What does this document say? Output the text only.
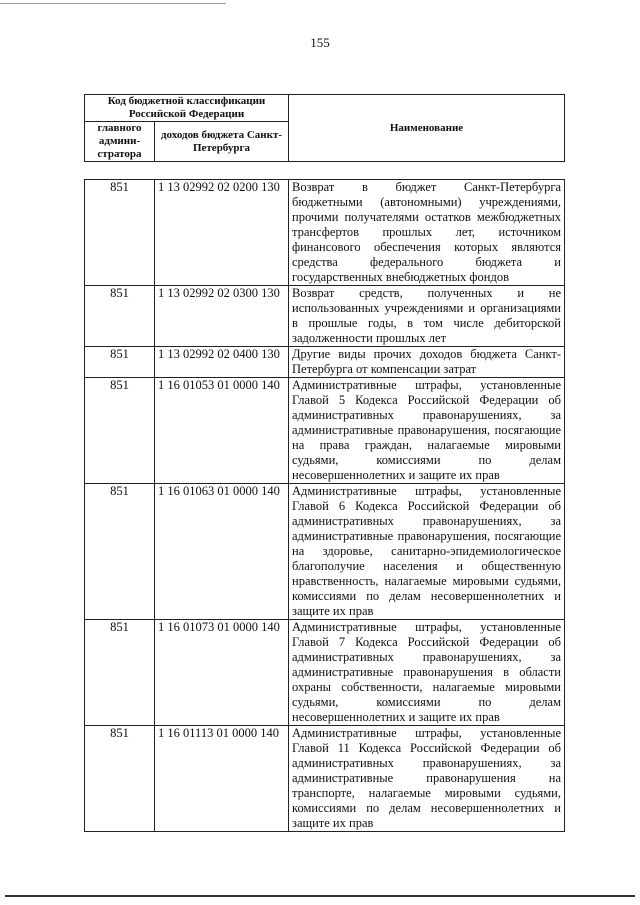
155
Код бюджетной классификации Российской Федерации		Наименование
главного админи-стратора	доходов бюджета Санкт-Петербурга	
851	1 13 02992 02 0200 130	Возврат в бюджет Санкт-Петербурга бюджетными (автономными) учреждениями, прочими получателями остатков межбюджетных трансфертов прошлых лет, источником финансового обеспечения которых являются средства федерального бюджета и государственных внебюджетных фондов
851	1 13 02992 02 0300 130	Возврат средств, полученных и не использованных учреждениями и организациями в прошлые годы, в том числе дебиторской задолженности прошлых лет
851	1 13 02992 02 0400 130	Другие виды прочих доходов бюджета Санкт-Петербурга от компенсации затрат
851	1 16 01053 01 0000 140	Административные штрафы, установленные Главой 5 Кодекса Российской Федерации об административных правонарушениях, за административные правонарушения, посягающие на права граждан, налагаемые мировыми судьями, комиссиями по делам несовершеннолетних и защите их прав
851	1 16 01063 01 0000 140	Административные штрафы, установленные Главой 6 Кодекса Российской Федерации об административных правонарушениях, за административные правонарушения, посягающие на здоровье, санитарно-эпидемиологическое благополучие населения и общественную нравственность, налагаемые мировыми судьями, комиссиями по делам несовершеннолетних и защите их прав
851	1 16 01073 01 0000 140	Административные штрафы, установленные Главой 7 Кодекса Российской Федерации об административных правонарушениях, за административные правонарушения в области охраны собственности, налагаемые мировыми судьями, комиссиями по делам несовершеннолетних и защите их прав
851	1 16 01113 01 0000 140	Административные штрафы, установленные Главой 11 Кодекса Российской Федерации об административных правонарушениях, за административные правонарушения на транспорте, налагаемые мировыми судьями, комиссиями по делам несовершеннолетних и защите их прав
